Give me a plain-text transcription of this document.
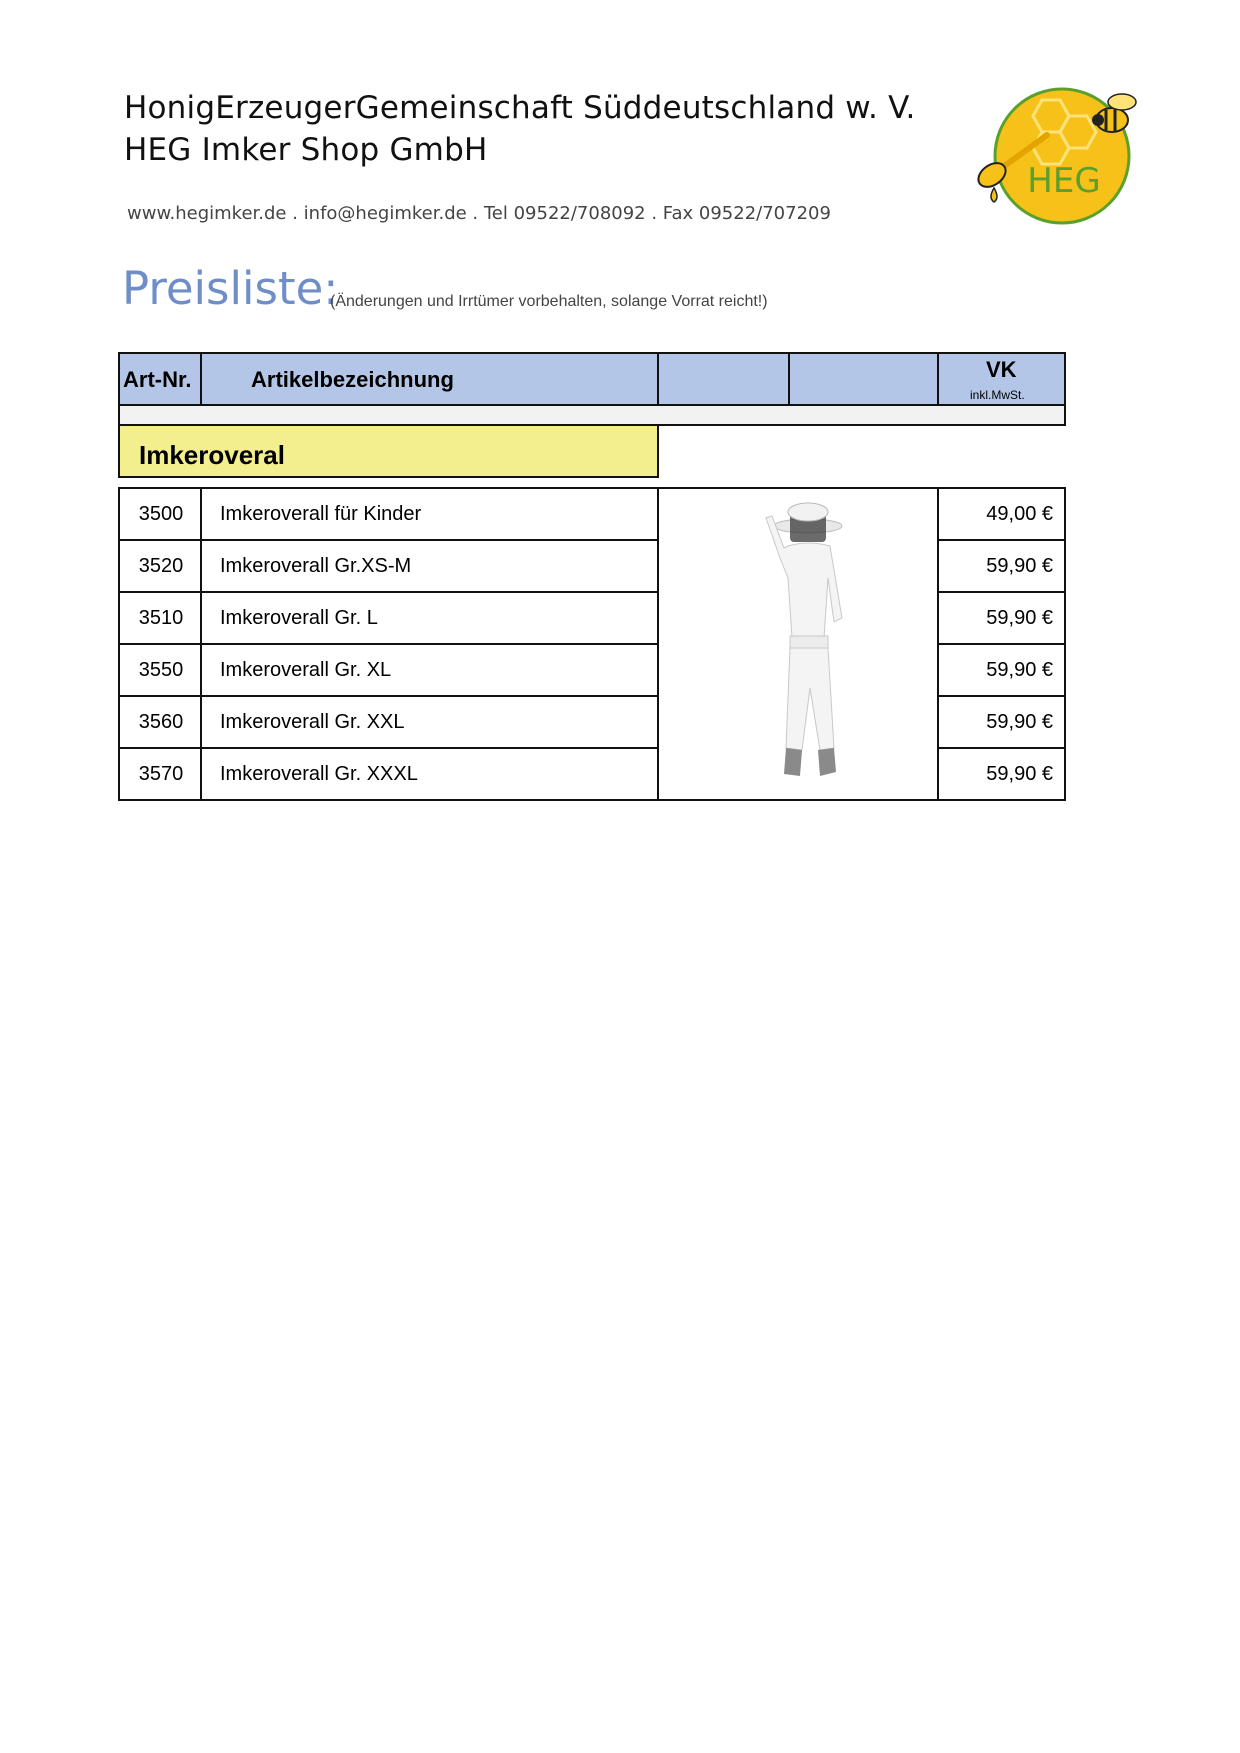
HonigErzeugerGemeinschaft Süddeutschland w. V.
HEG Imker Shop GmbH
www.hegimker.de . info@hegimker.de . Tel 09522/708092 . Fax 09522/707209
HEG
Preisliste:
(Änderungen und Irrtümer vorbehalten, solange Vorrat reicht!)
Art-Nr.	Artikelbezeichnung	VK
inkl.MwSt.
Imkeroveral
3500	Imkeroverall für Kinder	49,00 €
3520	Imkeroverall Gr.XS-M	59,90 €
3510	Imkeroverall Gr. L	59,90 €
3550	Imkeroverall Gr. XL	59,90 €
3560	Imkeroverall Gr. XXL	59,90 €
3570	Imkeroverall Gr. XXXL	59,90 €
